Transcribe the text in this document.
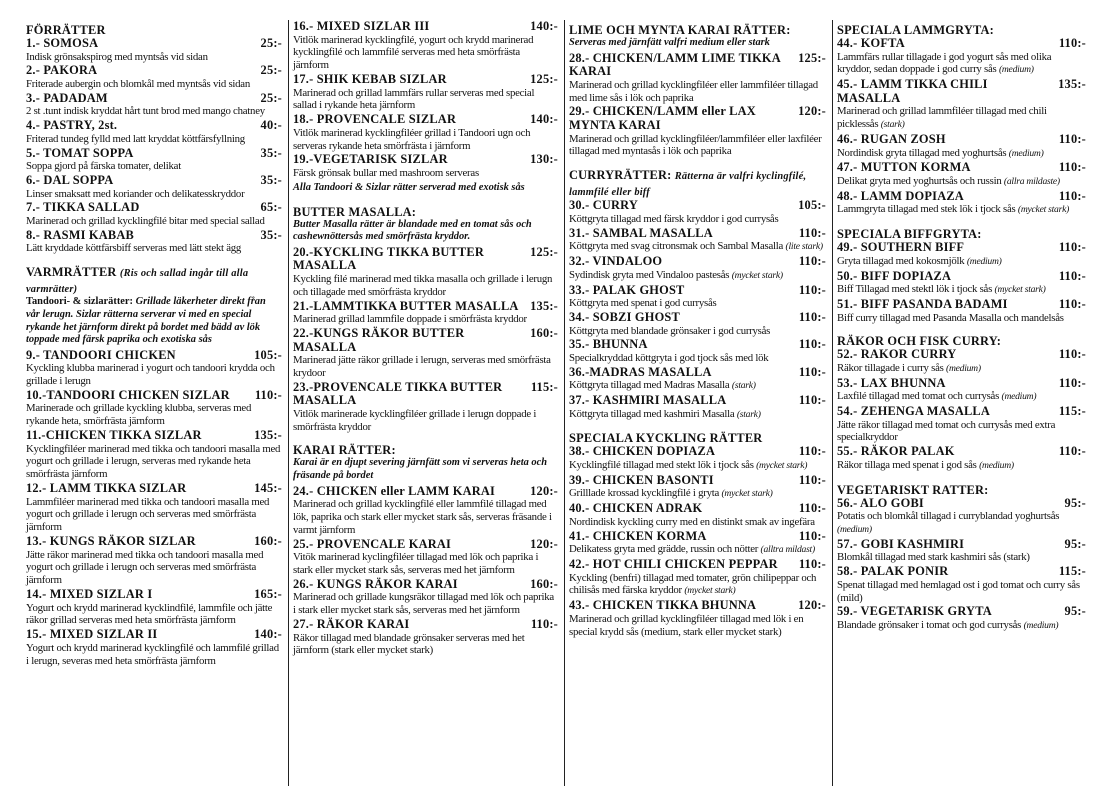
FÖRRÄTTER
1.- SOMOSA	25:-
Indisk grönsakspirog med myntsås vid sidan
2.- PAKORA	25:-
Friterade aubergin och blomkål med myntsås vid sidan
3.- PADADAM	25:-
2 st .tunt indisk kryddat hårt tunt brod med mango chatney
4.- PASTRY, 2st.	40:-
Friterad tundeg fylld med latt kryddat köttfärsfyllning
5.- TOMAT SOPPA	35:-
Soppa gjord på färska tomater, delikat
6.- DAL SOPPA	35:-
Linser smaksatt med koriander och delikatesskryddor
7.- TIKKA SALLAD	65:-
Marinerad och grillad kycklingfilé bitar med special sallad
8.- RASMI KABAB	35:-
Lätt kryddade köttfärsbiff serveras med lätt stekt ägg
VARMRÄTTER (Ris och sallad ingår till alla varmrätter)
Tandoori- & sizlarätter: Grillade läkerheter direkt fr̊an vår lerugn. Sizlar rätterna serverar vi med en special rykande het järnform direkt på bordet med bädd av lök toppade med färsk paprika och exotiska sås
9.- TANDOORI CHICKEN	105:-
Kyckling klubba marinerad i yogurt och tandoori krydda och grillade i lerugn
10.-TANDOORI CHICKEN SIZLAR	110:-
Marinerade och grillade kyckling klubba, serveras med rykande heta, smörfrästa järnform
11.-CHICKEN TIKKA SIZLAR	135:-
Kycklingfiléer marinerad med tikka och tandoori masalla med yogurt och grillade i lerugn, serveras med rykande heta smörfrästa järnform
12.- LAMM TIKKA SIZLAR	145:-
Lammfiléer marinerad med tikka och tandoori masalla med yogurt och grillade i lerugn och serveras med smörfrästa järnform
13.- KUNGS RÄKOR SIZLAR	160:-
Jätte räkor marinerad med tikka och tandoori masalla med yogurt och grillade i lerugn och serveras med smörfrästa järnform
14.- MIXED SIZLAR I	165:-
Yogurt och krydd marinerad kycklindfilé, lammfile och jätte räkor grillad serveras med heta smörfrästa järnform
15.- MIXED SIZLAR II	140:-
Yogurt och krydd marinerad kycklingfilé och lammfilé grillad i lerugn, severas med heta smörfrästa järnform
16.- MIXED SIZLAR III	140:-
Vitlök marinerad kycklingfilé, yogurt och krydd marinerad kycklingfilé och lammfilé serveras med heta smörfrästa järnform
17.- SHIK KEBAB SIZLAR	125:-
Marinerad och grillad lammfärs rullar serveras med special sallad i rykande heta järnform
18.- PROVENCALE SIZLAR	140:-
Vitlök marinerad kycklingfiléer grillad i Tandoori ugn och serveras rykande heta smörfrästa i järnform
19.-VEGETARISK SIZLAR	130:-
Färsk grönsak bullar med mashroom serveras
Alla Tandoori & Sizlar rätter serverad med exotisk sås
BUTTER MASALLA:
Butter Masalla rätter är blandade med en tomat sås och cashewnöttersås med smörfrästa kryddor.
20.-KYCKLING TIKKA BUTTER MASALLA
125:-
Kyckling filé marinerad med tikka masalla och grillade i lerugn och tillagade med smörfrästa kryddor
21.-LAMMTIKKA BUTTER MASALLA 135:-
Marinerad grillad lammfile doppade i smörfrästa kryddor
22.-KUNGS RÄKOR BUTTER MASALLA
160:-
Marinerad jätte räkor grillade i lerugn, serveras med smörfrästa krydoor
23.-PROVENCALE TIKKA BUTTER MASALLA
115:-
Vitlök marinerade kycklingfiléer grillade i lerugn doppade i smörfrästa kryddor
KARAI RÄTTER:
Karai är en djupt severing järnfätt som vi serveras heta och fräsande på bordet
24.- CHICKEN eller LAMM KARAI	120:-
Marinerad och grillad kycklingfilé eller lammfilé tillagad med lök, paprika och stark eller mycket stark sås, serveras fräsande i varmt järnform
25.- PROVENCALE KARAI	120:-
Vitök marinerad kyclingfiléer tillagad med lök och paprika i stark eller mycket stark sås, serveras med het järnform
26.- KUNGS RÄKOR KARAI	160:-
Marinerad och grillade kungsräkor tillagad med lök och paprika i stark eller mycket stark sås, serveras med het järnform
27.- RÄKOR KARAI	110:-
Räkor tillagad med blandade grönsaker serveras med het järnform (stark eller mycket stark)
LIME OCH MYNTA KARAI RÄTTER:
Serveras med järnfätt valfri medium eller stark
28.- CHICKEN/LAMM LIME TIKKA KARAI
125:-
Marinerad och grillad kycklingfiléer eller lammfiléer tillagad med lime sås i lök och paprika
29.- CHICKEN/LAMM eller LAX MYNTA KARAI
120:-
Marinerad och grillad kycklingfiléer/lammfiléer eller laxfiléer tillagad med myntasås i lök och paprika
CURRYRÄTTER: Rätterna är valfri kyclingfilé, lammfilé eller biff
30.- CURRY	105:-
Köttgryta tillagad med färsk kryddor i god currysås
31.- SAMBAL MASALLA	110:-
Köttgryta med svag citronsmak och Sambal Masalla (lite stark)
32.- VINDALOO	110:-
Sydindisk gryta med Vindaloo pastesås (mycket stark)
33.- PALAK GHOST	110:-
Köttgryta med spenat i god currysås
34.- SOBZI GHOST	110:-
Köttgryta med blandade grönsaker i god currysås
35.- BHUNNA	110:-
Specialkryddad köttgryta i god tjock sås med lök
36.-MADRAS MASALLA	110:-
Köttgryta tillagad med Madras Masalla (stark)
37.- KASHMIRI MASALLA	110:-
Köttgryta tillagad med kashmiri Masalla (stark)
SPECIALA KYCKLING RÄTTER
38.- CHICKEN DOPIAZA	110:-
Kycklingfilé tillagad med stekt lök i tjock sås (mycket stark)
39.- CHICKEN BASONTI	110:-
Grilllade krossad kycklingfilé i gryta (mycket stark)
40.- CHICKEN ADRAK	110:-
Nordindisk kyckling curry med en distinkt smak av ingefära
41.- CHICKEN KORMA	110:-
Delikatess gryta med grädde, russin och nötter (alltra mildast)
42.- HOT CHILI CHICKEN PEPPAR	110:-
Kyckling (benfri) tillagad med tomater, grön chilipeppar och chilisås med färska kryddor (mycket stark)
43.- CHICKEN TIKKA BHUNNA	120:-
Marinerad och grillad kycklingfiléer tillagad med lök i en special krydd sås (medium, stark eller mycket stark)
SPECIALA LAMMGRYTA:
44.- KOFTA	110:-
Lammfärs rullar tillagade i god yogurt sås med olika kryddor, sedan doppade i god curry sås (medium)
45.- LAMM TIKKA CHILI MASALLA
135:-
Marinerad och grillad lammfiléer tillagad med chili picklessås (stark)
46.- RUGAN ZOSH	110:-
Nordindisk gryta tillagad med yoghurtsås (medium)
47.- MUTTON KORMA	110:-
Delikat gryta med yoghurtsås och russin (allra mildaste)
48.- LAMM DOPIAZA	110:-
Lammgryta tillagad med stek lök i tjock sås (mycket stark)
SPECIALA BIFFGRYTA:
49.- SOUTHERN BIFF	110:-
Gryta tillagad med kokosmjölk (medium)
50.- BIFF DOPIAZA	110:-
Biff Tillagad med stektl lök i tjock sås (mycket stark)
51.- BIFF PASANDA BADAMI	110:-
Biff curry tillagad med Pasanda Masalla och mandelsås
RÄKOR OCH FISK CURRY:
52.- RAKOR CURRY	110:-
Räkor tillagade i curry sås (medium)
53.- LAX BHUNNA	110:-
Laxfilé tillagad med tomat och currysås (medium)
54.- ZEHENGA MASALLA	115:-
Jätte räkor tillagad med tomat och currysås med extra specialkryddor
55.- RÄKOR PALAK	110:-
Räkor tillaga med spenat i god sås (medium)
VEGETARISKT RATTER:
56.- ALO GOBI	95:-
Potatis och blomkål tillagad i curryblandad yoghurtsås (medium)
57.- GOBI KASHMIRI	95:-
Blomkål tillagad med stark kashmiri sås (stark)
58.- PALAK PONIR	115:-
Spenat tillagad med hemlagad ost i god tomat och curry sås (mild)
59.- VEGETARISK GRYTA	95:-
Blandade grönsaker i tomat och god currysås (medium)
